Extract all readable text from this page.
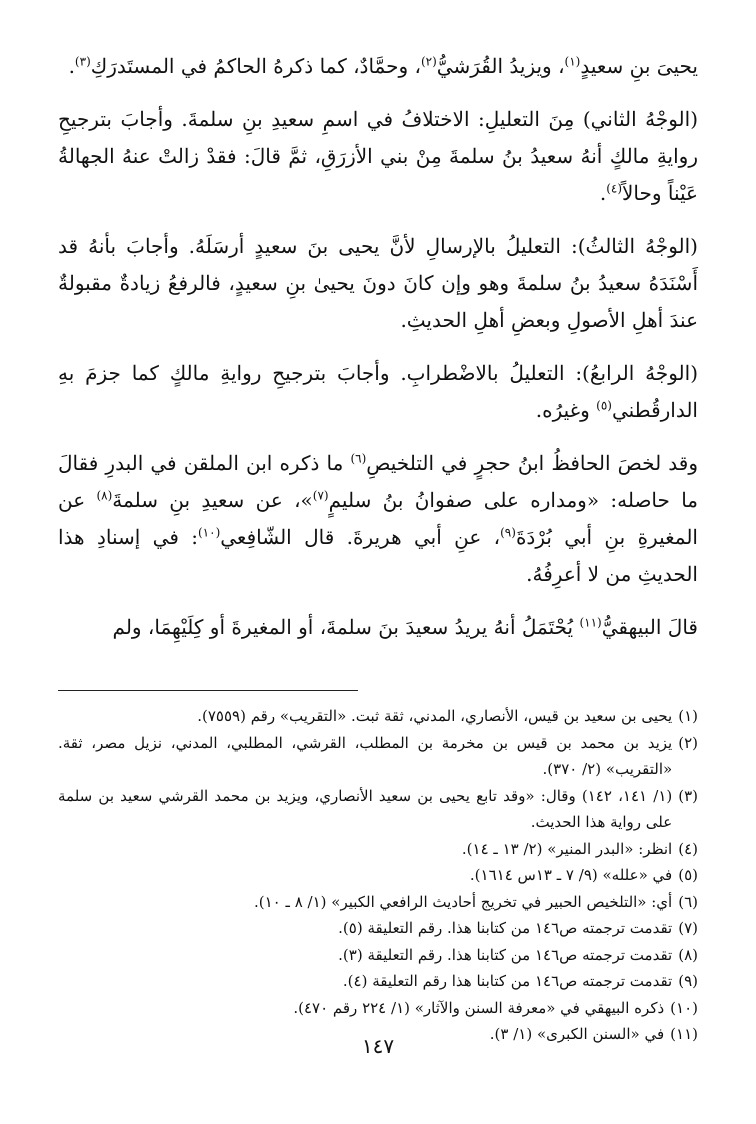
يحيىَ بنِ سعيدٍ$^{(١)}$، ويزيدُ القُرَشيُّ$^{(٢)}$، وحمَّادٌ، كما ذكرهُ الحاكمُ في المستَدرَكِ$^{(٣)}$.

(الوجْهُ الثاني) مِنَ التعليلِ: الاختلافُ في اسمِ سعيدِ بنِ سلمةَ. وأجابَ بترجيحِ روايةِ مالكٍ أنهُ سعيدُ بنُ سلمةَ مِنْ بني الأزرَقِ، ثمَّ قالَ: فقدْ زالتْ عنهُ الجهالةُ عَيْناً وحالاً$^{(٤)}$.

(الوجْهُ الثالثُ): التعليلُ بالإرسالِ لأنَّ يحيى بنَ سعيدٍ أرسَلَهُ. وأجابَ بأنهُ قد أَسْنَدَهُ سعيدُ بنُ سلمةَ وهو وإن كانَ دونَ يحيىٰ بنِ سعيدٍ، فالرفعُ زيادةٌ مقبولةٌ عندَ أهلِ الأصولِ وبعضِ أهلِ الحديثِ.

(الوجْهُ الرابعُ): التعليلُ بالاضْطرابِ. وأجابَ بترجيحِ روايةِ مالكٍ كما جزمَ بهِ الدارقُطني$^{(٥)}$ وغيرُه.

وقد لخصَ الحافظُ ابنُ حجرٍ في التلخيصِ$^{(٦)}$ ما ذكره ابن الملقن في البدرِ فقالَ ما حاصله: «ومداره على صفوانُ بنُ سليمٍ$^{(٧)}$»، عن سعيدِ بنِ سلمةَ$^{(٨)}$ عن المغيرةِ بنِ أبي بُرْدَةَ$^{(٩)}$، عنِ أبي هريرةَ. قال الشّافِعي$^{(١٠)}$: في إسنادِ هذا الحديثِ من لا أعرِفُهُ.

قالَ البيهقيُّ$^{(١١)}$ يُحْتَمَلُ أنهُ يريدُ سعيدَ بنَ سلمةَ، أو المغيرةَ أو كِلَيْهِمَا، ولم

(١)
يحيى بن سعيد بن قيس، الأنصاري، المدني، ثقة ثبت. «التقريب» رقم (٧٥٥٩).
(٢)
يزيد بن محمد بن قيس بن مخرمة بن المطلب، القرشي، المطلبي، المدني، نزيل مصر، ثقة. «التقريب» (٢/ ٣٧٠).
(٣)
(١/ ١٤١، ١٤٢) وقال: «وقد تابع يحيى بن سعيد الأنصاري، ويزيد بن محمد القرشي سعيد بن سلمة على رواية هذا الحديث.
(٤)
انظر: «البدر المنير» (٢/ ١٣ ـ ١٤).
(٥)
في «علله» (٩/ ٧ ـ ١٣س ١٦١٤).
(٦)
أي: «التلخيص الحبير في تخريج أحاديث الرافعي الكبير» (١/ ٨ ـ ١٠).
(٧)
تقدمت ترجمته ص١٤٦ من كتابنا هذا. رقم التعليقة (٥).
(٨)
تقدمت ترجمته ص١٤٦ من كتابنا هذا. رقم التعليقة (٣).
(٩)
تقدمت ترجمته ص١٤٦ من كتابنا هذا رقم التعليقة (٤).
(١٠)
ذكره البيهقي في «معرفة السنن والآثار» (١/ ٢٢٤ رقم ٤٧٠).
(١١)
في «السنن الكبرى» (١/ ٣).
١٤٧
